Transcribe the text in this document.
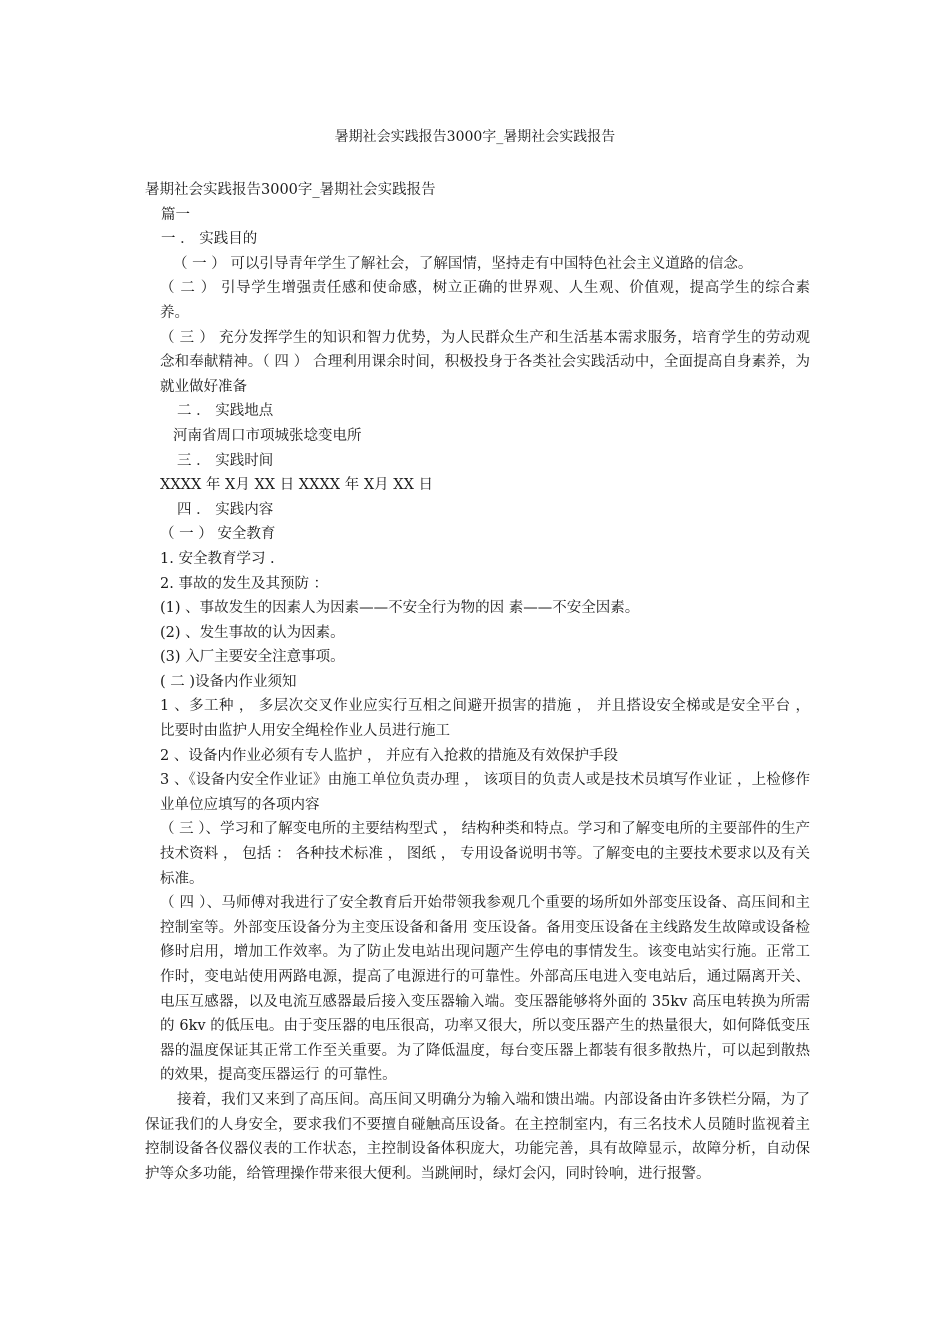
暑期社会实践报告3000字_暑期社会实践报告

暑期社会实践报告3000字_暑期社会实践报告

篇一

一 ． 实践目的

（ 一 ） 可以引导青年学生了解社会，了解国情，坚持走有中国特色社会主义道路的信念。

（ 二 ） 引导学生增强责任感和使命感，树立正确的世界观、人生观、价值观，提高学生的综合素养。

（ 三 ） 充分发挥学生的知识和智力优势，为人民群众生产和生活基本需求服务，培育学生的劳动观念和奉献精神。（ 四 ） 合理利用课余时间，积极投身于各类社会实践活动中，全面提高自身素养，为就业做好准备

二 ． 实践地点

河南省周口市项城张埝变电所

三 ． 实践时间

XXXX 年 X月 XX 日 XXXX 年 X月 XX 日

四 ． 实践内容

（ 一 ） 安全教育

1. 安全教育学习 .

2. 事故的发生及其预防 ：

(1) 、事故发生的因素人为因素——不安全行为物的因 素——不安全因素。

(2) 、发生事故的认为因素。

(3) 入厂主要安全注意事项。

( 二 )设备内作业须知

1 、多工种 ， 多层次交叉作业应实行互相之间避开损害的措施 ， 并且搭设安全梯或是安全平台 ， 比要时由监护人用安全绳栓作业人员进行施工

2 、设备内作业必须有专人监护 ， 并应有入抢救的措施及有效保护手段

3 、《设备内安全作业证》由施工单位负责办理 ， 该项目的负责人或是技术员填写作业证 ，上检修作业单位应填写的各项内容

（ 三 ）、学习和了解变电所的主要结构型式 ， 结构种类和特点。学习和了解变电所的主要部件的生产技术资料 ， 包括 ： 各种技术标准 ， 图纸 ， 专用设备说明书等。了解变电的主要技术要求以及有关标准。

（ 四 ）、马师傅对我进行了安全教育后开始带领我参观几个重要的场所如外部变压设备、高压间和主控制室等。外部变压设备分为主变压设备和备用 变压设备。备用变压设备在主线路发生故障或设备检修时启用，增加工作效率。为了防止发电站出现问题产生停电的事情发生。该变电站实行施。正常工作时，变电站使用两路电源，提高了电源进行的可靠性。外部高压电进入变电站后，通过隔离开关、电压互感器，以及电流互感器最后接入变压器输入端。变压器能够将外面的 35kv 高压电转换为所需的 6kv 的低压电。由于变压器的电压很高，功率又很大，所以变压器产生的热量很大，如何降低变压器的温度保证其正常工作至关重要。为了降低温度，每台变压器上都装有很多散热片，可以起到散热的效果，提高变压器运行 的可靠性。

接着，我们又来到了高压间。高压间又明确分为输入端和馈出端。内部设备由许多铁栏分隔，为了保证我们的人身安全，要求我们不要擅自碰触高压设备。在主控制室内，有三名技术人员随时监视着主控制设备各仪器仪表的工作状态，主控制设备体积庞大，功能完善，具有故障显示，故障分析，自动保护等众多功能，给管理操作带来很大便利。当跳闸时，绿灯会闪，同时铃响，进行报警。
